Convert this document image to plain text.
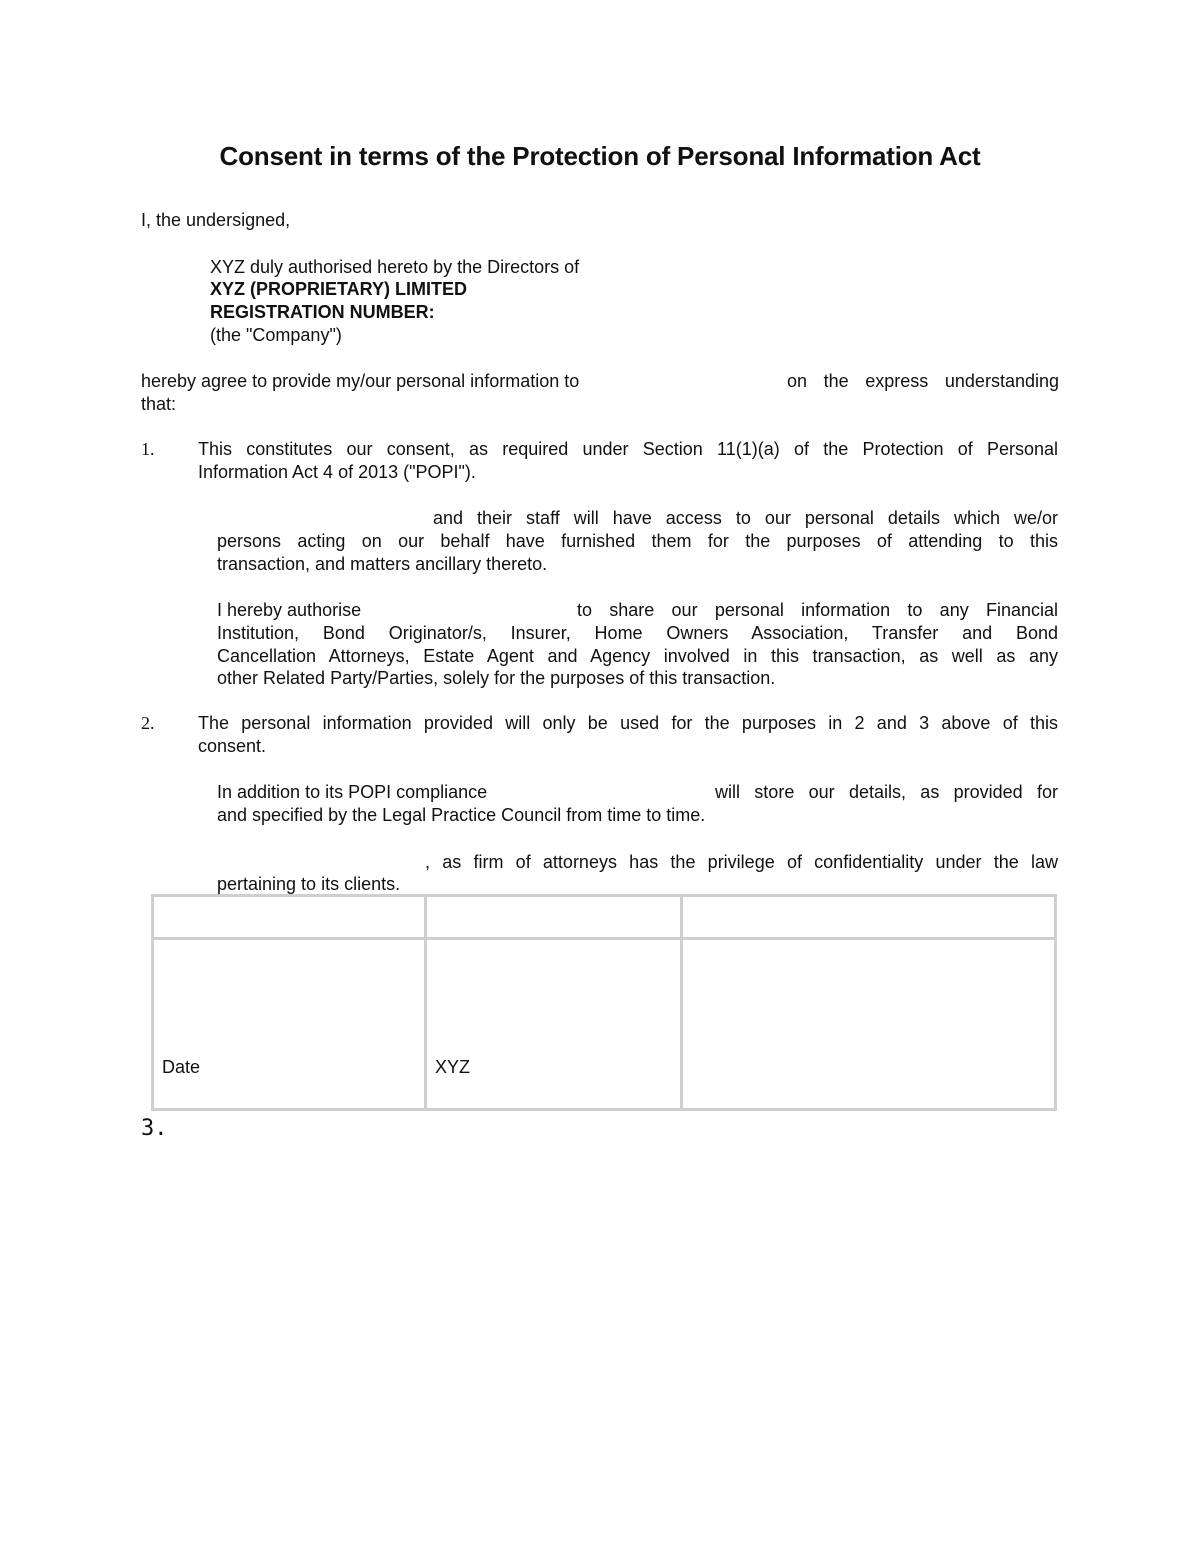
Consent in terms of the Protection of Personal Information Act
I, the undersigned,
XYZ duly authorised hereto by the Directors of
XYZ (PROPRIETARY) LIMITED
REGISTRATION NUMBER:
(the "Company")
hereby agree to provide my/our personal information to	on the express understanding
that:
1. This constitutes our consent, as required under Section 11(1)(a) of the Protection of Personal
Information Act 4 of 2013 ("POPI").
and their staff will have access to our personal details which we/or
persons acting on our behalf have furnished them for the purposes of attending to this
transaction, and matters ancillary thereto.
I hereby authorise	to share our personal information to any Financial
Institution, Bond Originator/s, Insurer, Home Owners Association, Transfer and Bond
Cancellation Attorneys, Estate Agent and Agency involved in this transaction, as well as any
other Related Party/Parties, solely for the purposes of this transaction.
2. The personal information provided will only be used for the purposes in 2 and 3 above of this
consent.
In addition to its POPI compliance	will store our details, as provided for
and specified by the Legal Practice Council from time to time.
, as firm of attorneys has the privilege of confidentiality under the law
pertaining to its clients.

Date	XYZ	
3.
